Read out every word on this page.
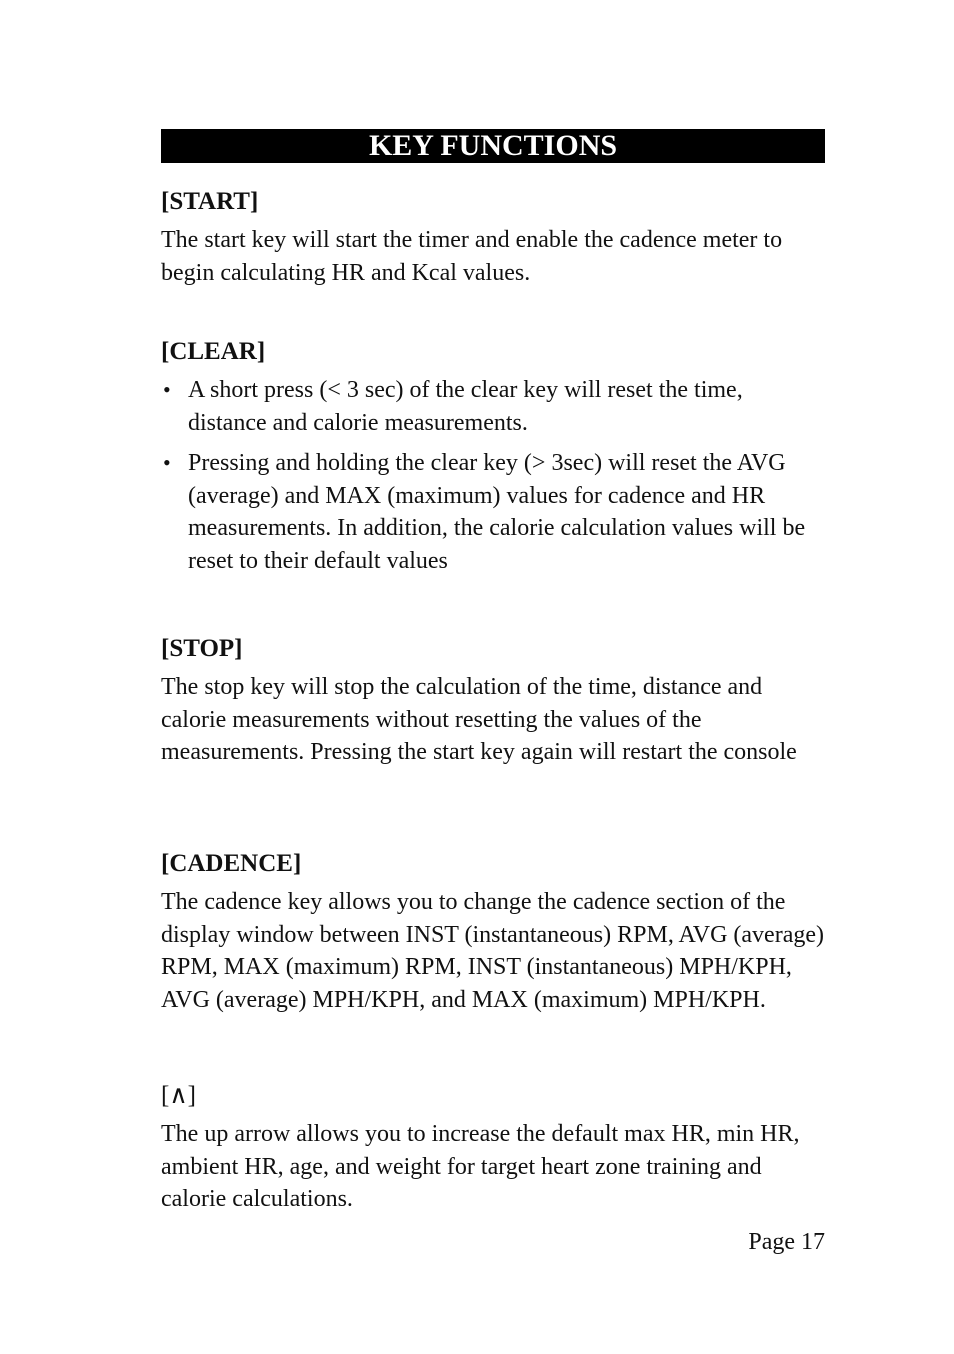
KEY FUNCTIONS

[START]

The start key will start the timer and enable the cadence meter to begin calculating HR and Kcal values.

[CLEAR]

• A short press (< 3 sec) of the clear key will reset the time, distance and calorie measurements.
• Pressing and holding the clear key (> 3sec) will reset the AVG (average) and MAX (maximum) values for cadence and HR measurements. In addition, the calorie calculation values will be reset to their default values

[STOP]

The stop key will stop the calculation of the time, distance and calorie measurements without resetting the values of the measurements. Pressing the start key again will restart the console

[CADENCE]

The cadence key allows you to change the cadence section of the display window between INST (instantaneous) RPM, AVG (average) RPM, MAX (maximum) RPM, INST (instantaneous) MPH/KPH, AVG (average) MPH/KPH, and MAX (maximum) MPH/KPH.

[∧]

The up arrow allows you to increase the default max HR, min HR, ambient HR, age, and weight for target heart zone training and calorie calculations.

Page 17
